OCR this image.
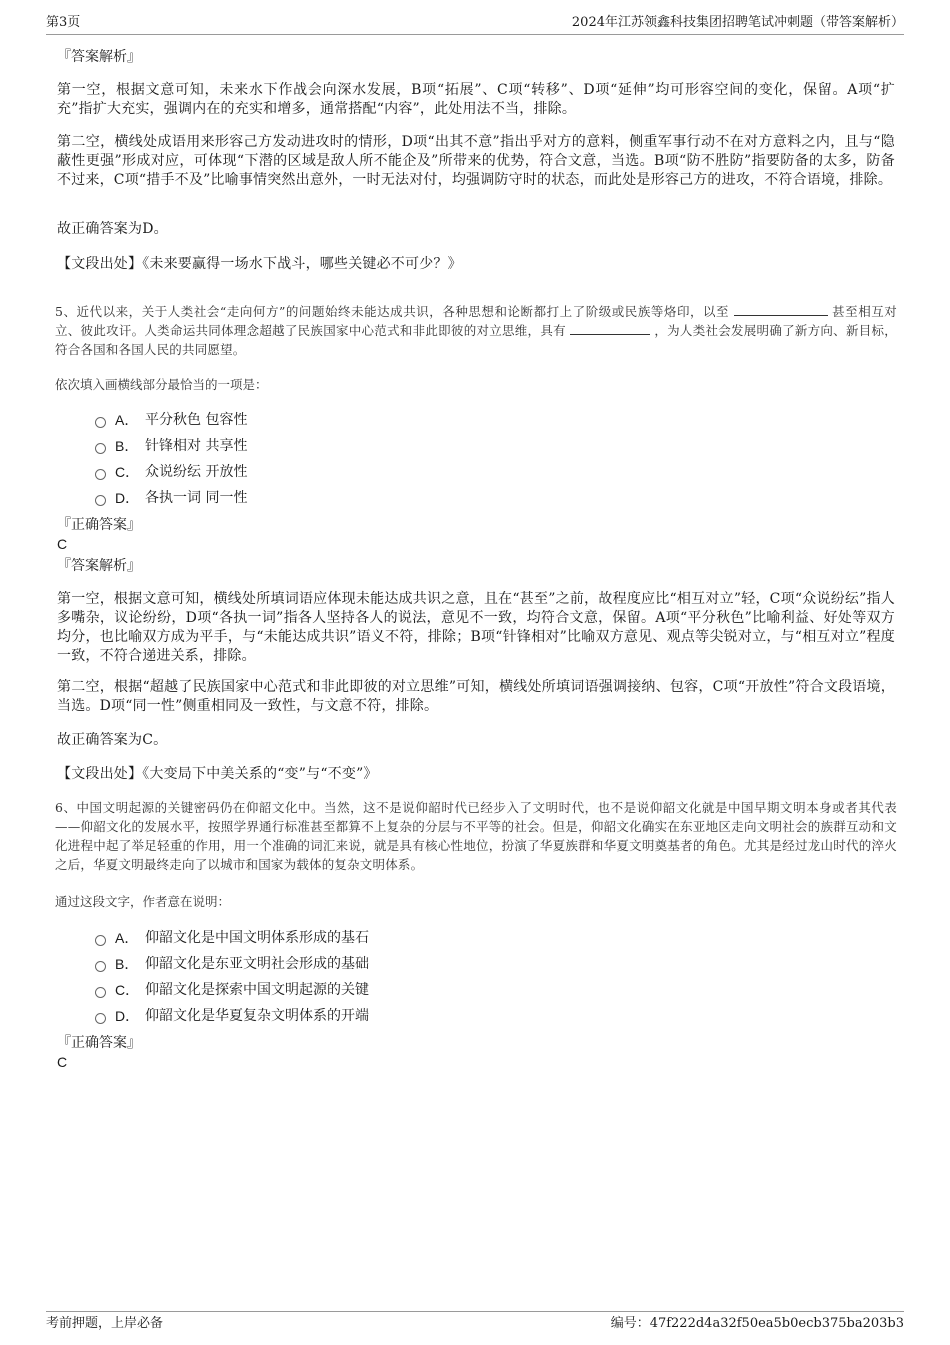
第3页	2024年江苏领鑫科技集团招聘笔试冲刺题（带答案解析）
『答案解析』
第一空，根据文意可知，未来水下作战会向深水发展，B项“拓展”、C项“转移”、D项“延伸”均可形容空间的变化，保留。A项“扩充”指扩大充实，强调内在的充实和增多，通常搭配“内容”，此处用法不当，排除。
第二空，横线处成语用来形容己方发动进攻时的情形，D项“出其不意”指出乎对方的意料，侧重军事行动不在对方意料之内，且与“隐蔽性更强”形成对应，可体现“下潜的区域是敌人所不能企及”所带来的优势，符合文意，当选。B项“防不胜防”指要防备的太多，防备不过来，C项“措手不及”比喻事情突然出意外，一时无法对付，均强调防守时的状态，而此处是形容己方的进攻，不符合语境，排除。
故正确答案为D。
【文段出处】《未来要赢得一场水下战斗，哪些关键必不可少？》
5、近代以来，关于人类社会“走向何方”的问题始终未能达成共识，各种思想和论断都打上了阶级或民族等烙印，以至	甚至相互对立、彼此攻讦。人类命运共同体理念超越了民族国家中心范式和非此即彼的对立思维，具有	，为人类社会发展明确了新方向、新目标，符合各国和各国人民的共同愿望。
依次填入画横线部分最恰当的一项是：
A． 平分秋色 包容性
B． 针锋相对 共享性
C． 众说纷纭 开放性
D． 各执一词 同一性
『正确答案』
C
『答案解析』
第一空，根据文意可知，横线处所填词语应体现未能达成共识之意，且在“甚至”之前，故程度应比“相互对立”轻，C项“众说纷纭”指人多嘴杂，议论纷纷，D项“各执一词”指各人坚持各人的说法，意见不一致，均符合文意，保留。A项“平分秋色”比喻利益、好处等双方均分，也比喻双方成为平手，与“未能达成共识”语义不符，排除；B项“针锋相对”比喻双方意见、观点等尖锐对立，与“相互对立”程度一致，不符合递进关系，排除。
第二空，根据“超越了民族国家中心范式和非此即彼的对立思维”可知，横线处所填词语强调接纳、包容，C项“开放性”符合文段语境，当选。D项“同一性”侧重相同及一致性，与文意不符，排除。
故正确答案为C。
【文段出处】《大变局下中美关系的“变”与“不变”》
6、中国文明起源的关键密码仍在仰韶文化中。当然，这不是说仰韶时代已经步入了文明时代，也不是说仰韶文化就是中国早期文明本身或者其代表——仰韶文化的发展水平，按照学界通行标准甚至都算不上复杂的分层与不平等的社会。但是，仰韶文化确实在东亚地区走向文明社会的族群互动和文化进程中起了举足轻重的作用，用一个准确的词汇来说，就是具有核心性地位，扮演了华夏族群和华夏文明奠基者的角色。尤其是经过龙山时代的淬火之后，华夏文明最终走向了以城市和国家为载体的复杂文明体系。
通过这段文字，作者意在说明：
A． 仰韶文化是中国文明体系形成的基石
B． 仰韶文化是东亚文明社会形成的基础
C． 仰韶文化是探索中国文明起源的关键
D． 仰韶文化是华夏复杂文明体系的开端
『正确答案』
C
考前押题，上岸必备	编号：47f222d4a32f50ea5b0ecb375ba203b3
